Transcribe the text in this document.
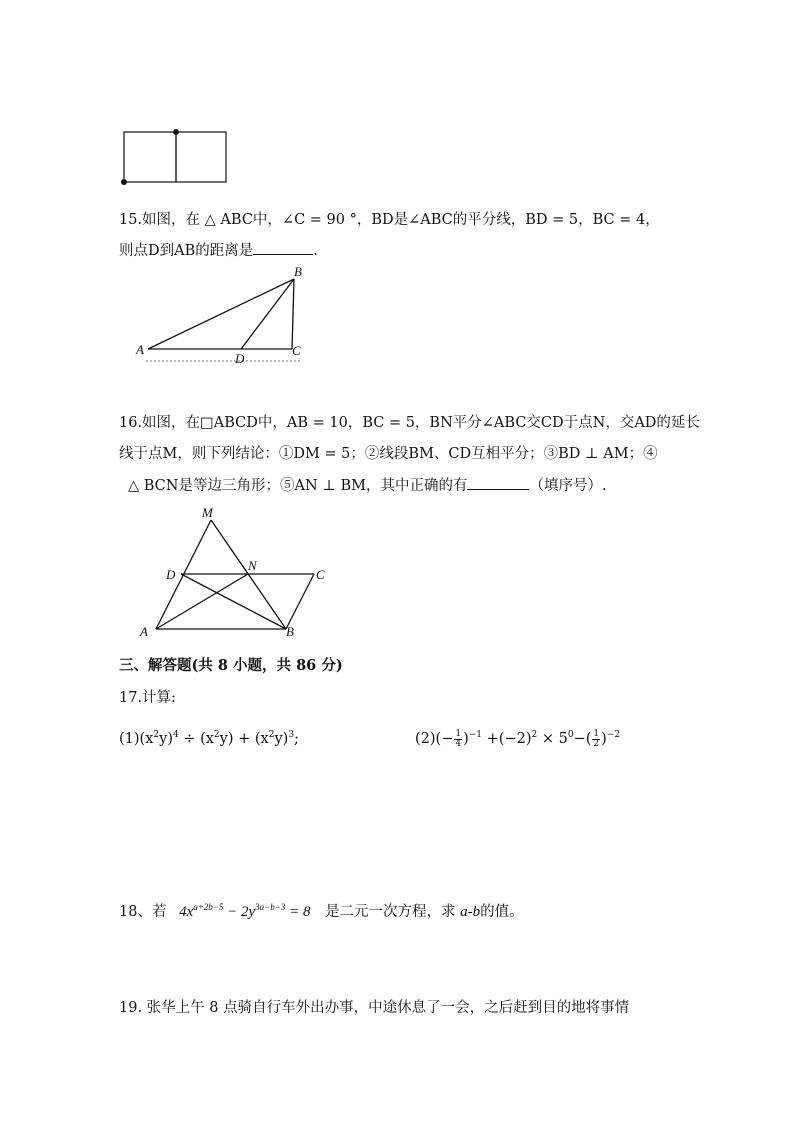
15.如图，在 △ ABC中，∠C = 90 °，BD是∠ABC的平分线，BD = 5，BC = 4，
则点D到AB的距离是	.
B
A
D
C
16.如图，在□ABCD中，AB = 10，BC = 5，BN平分∠ABC交CD于点N，交AD的延长
线于点M，则下列结论：①DM = 5；②线段BM、CD互相平分；③BD ⊥ AM；④
△ BCN是等边三角形；⑤AN ⊥ BM，其中正确的有	（填序号）.
M
D
N
C
A	B
三、解答题(共 8 小题，共 86 分)
17.计算:
$(1)(x^2y)^4 \div (x^2y) + (x^2y)^3$;	$(2)(- \frac{1}{4} )^{-1} +(-2)^2 \times 5^0-( \frac{1}{2} )^{-2}$
18、若 $4x^{a+2b-5} - 2y^{3a-b-3} = 8$ 是二元一次方程，求 a-b的值。
19. 张华上午 8 点骑自行车外出办事，中途休息了一会，之后赶到目的地将事情
